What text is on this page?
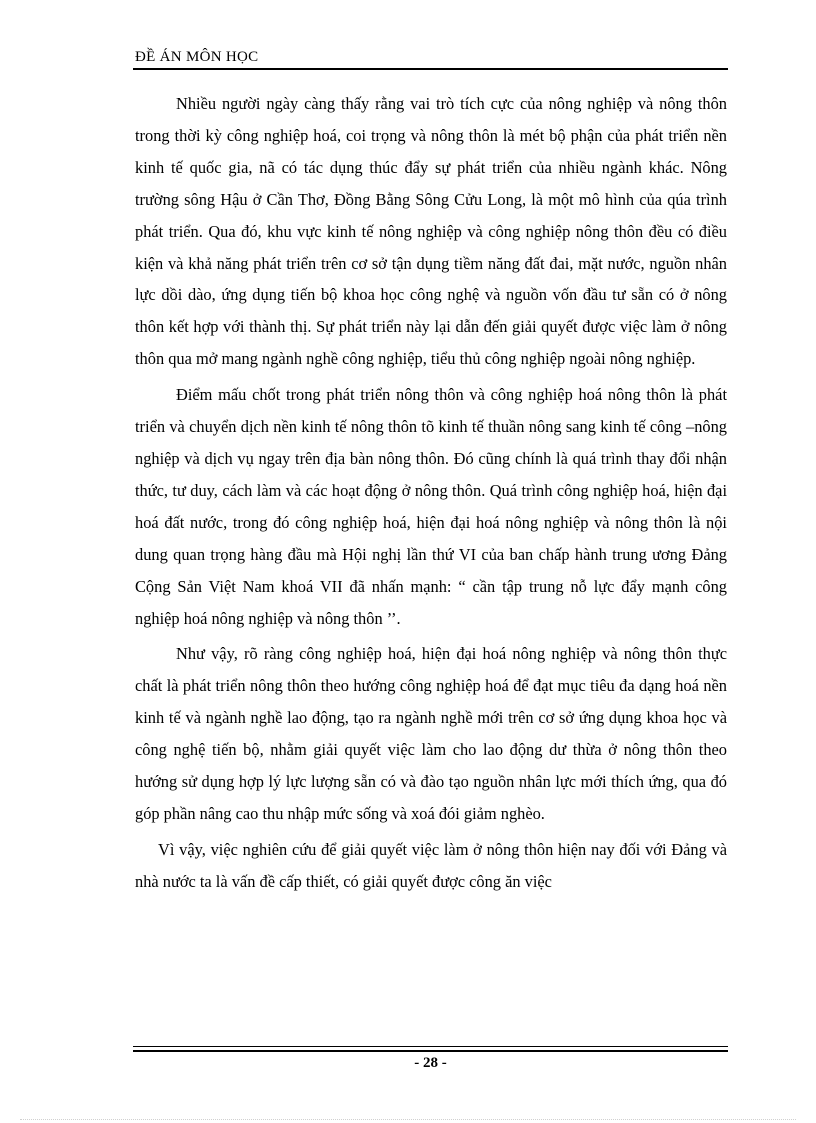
ĐỀ ÁN MÔN HỌC

Nhiều người ngày càng thấy rằng vai trò tích cực của nông nghiệp và nông thôn trong thời kỳ công nghiệp hoá, coi trọng và nông thôn là mét bộ phận của phát triển nền kinh tế quốc gia, nã có tác dụng thúc đẩy sự phát triển của nhiều ngành khác. Nông trường sông Hậu ở Cần Thơ, Đồng Bằng Sông Cửu Long, là một mô hình của qúa trình phát triển. Qua đó, khu vực kinh tế nông nghiệp và công nghiệp nông thôn đều có điều kiện và khả năng phát triển trên cơ sở tận dụng tiềm năng đất đai, mặt nước, nguồn nhân lực dồi dào, ứng dụng tiến bộ khoa học công nghệ và nguồn vốn đầu tư sẵn có ở nông thôn kết hợp với thành thị. Sự phát triển này lại dẫn đến giải quyết được việc làm ở nông thôn qua mở mang ngành nghề công nghiệp, tiểu thủ công nghiệp ngoài nông nghiệp.

Điểm mấu chốt trong phát triển nông thôn và công nghiệp hoá nông thôn là phát triển và chuyển dịch nền kinh tế nông thôn tõ kinh tế thuần nông sang kinh tế công –nông nghiệp và dịch vụ ngay trên địa bàn nông thôn. Đó cũng chính là quá trình thay đổi nhận thức, tư duy, cách làm và các hoạt động ở nông thôn. Quá trình công nghiệp hoá, hiện đại hoá đất nước, trong đó công nghiệp hoá, hiện đại hoá nông nghiệp và nông thôn là nội dung quan trọng hàng đầu mà Hội nghị lần thứ VI của ban chấp hành trung ương Đảng Cộng Sản Việt Nam khoá VII đã nhấn mạnh: “ cần tập trung nỗ lực đẩy mạnh công nghiệp hoá nông nghiệp và nông thôn ’’.

Như vậy, rõ ràng công nghiệp hoá, hiện đại hoá nông nghiệp và nông thôn thực chất là phát triển nông thôn theo hướng công nghiệp hoá để đạt mục tiêu đa dạng hoá nền kinh tế và ngành nghề lao động, tạo ra ngành nghề mới trên cơ sở ứng dụng khoa học và công nghệ tiến bộ, nhằm giải quyết việc làm cho lao động dư thừa ở nông thôn theo hướng sử dụng hợp lý lực lượng sẵn có và đào tạo nguồn nhân lực mới thích ứng, qua đó góp phần nâng cao thu nhập mức sống và xoá đói giảm nghèo.

Vì vậy, việc nghiên cứu để giải quyết việc làm ở nông thôn hiện nay đối với Đảng và nhà nước ta là vấn đề cấp thiết, có giải quyết được công ăn việc

- 28 -
